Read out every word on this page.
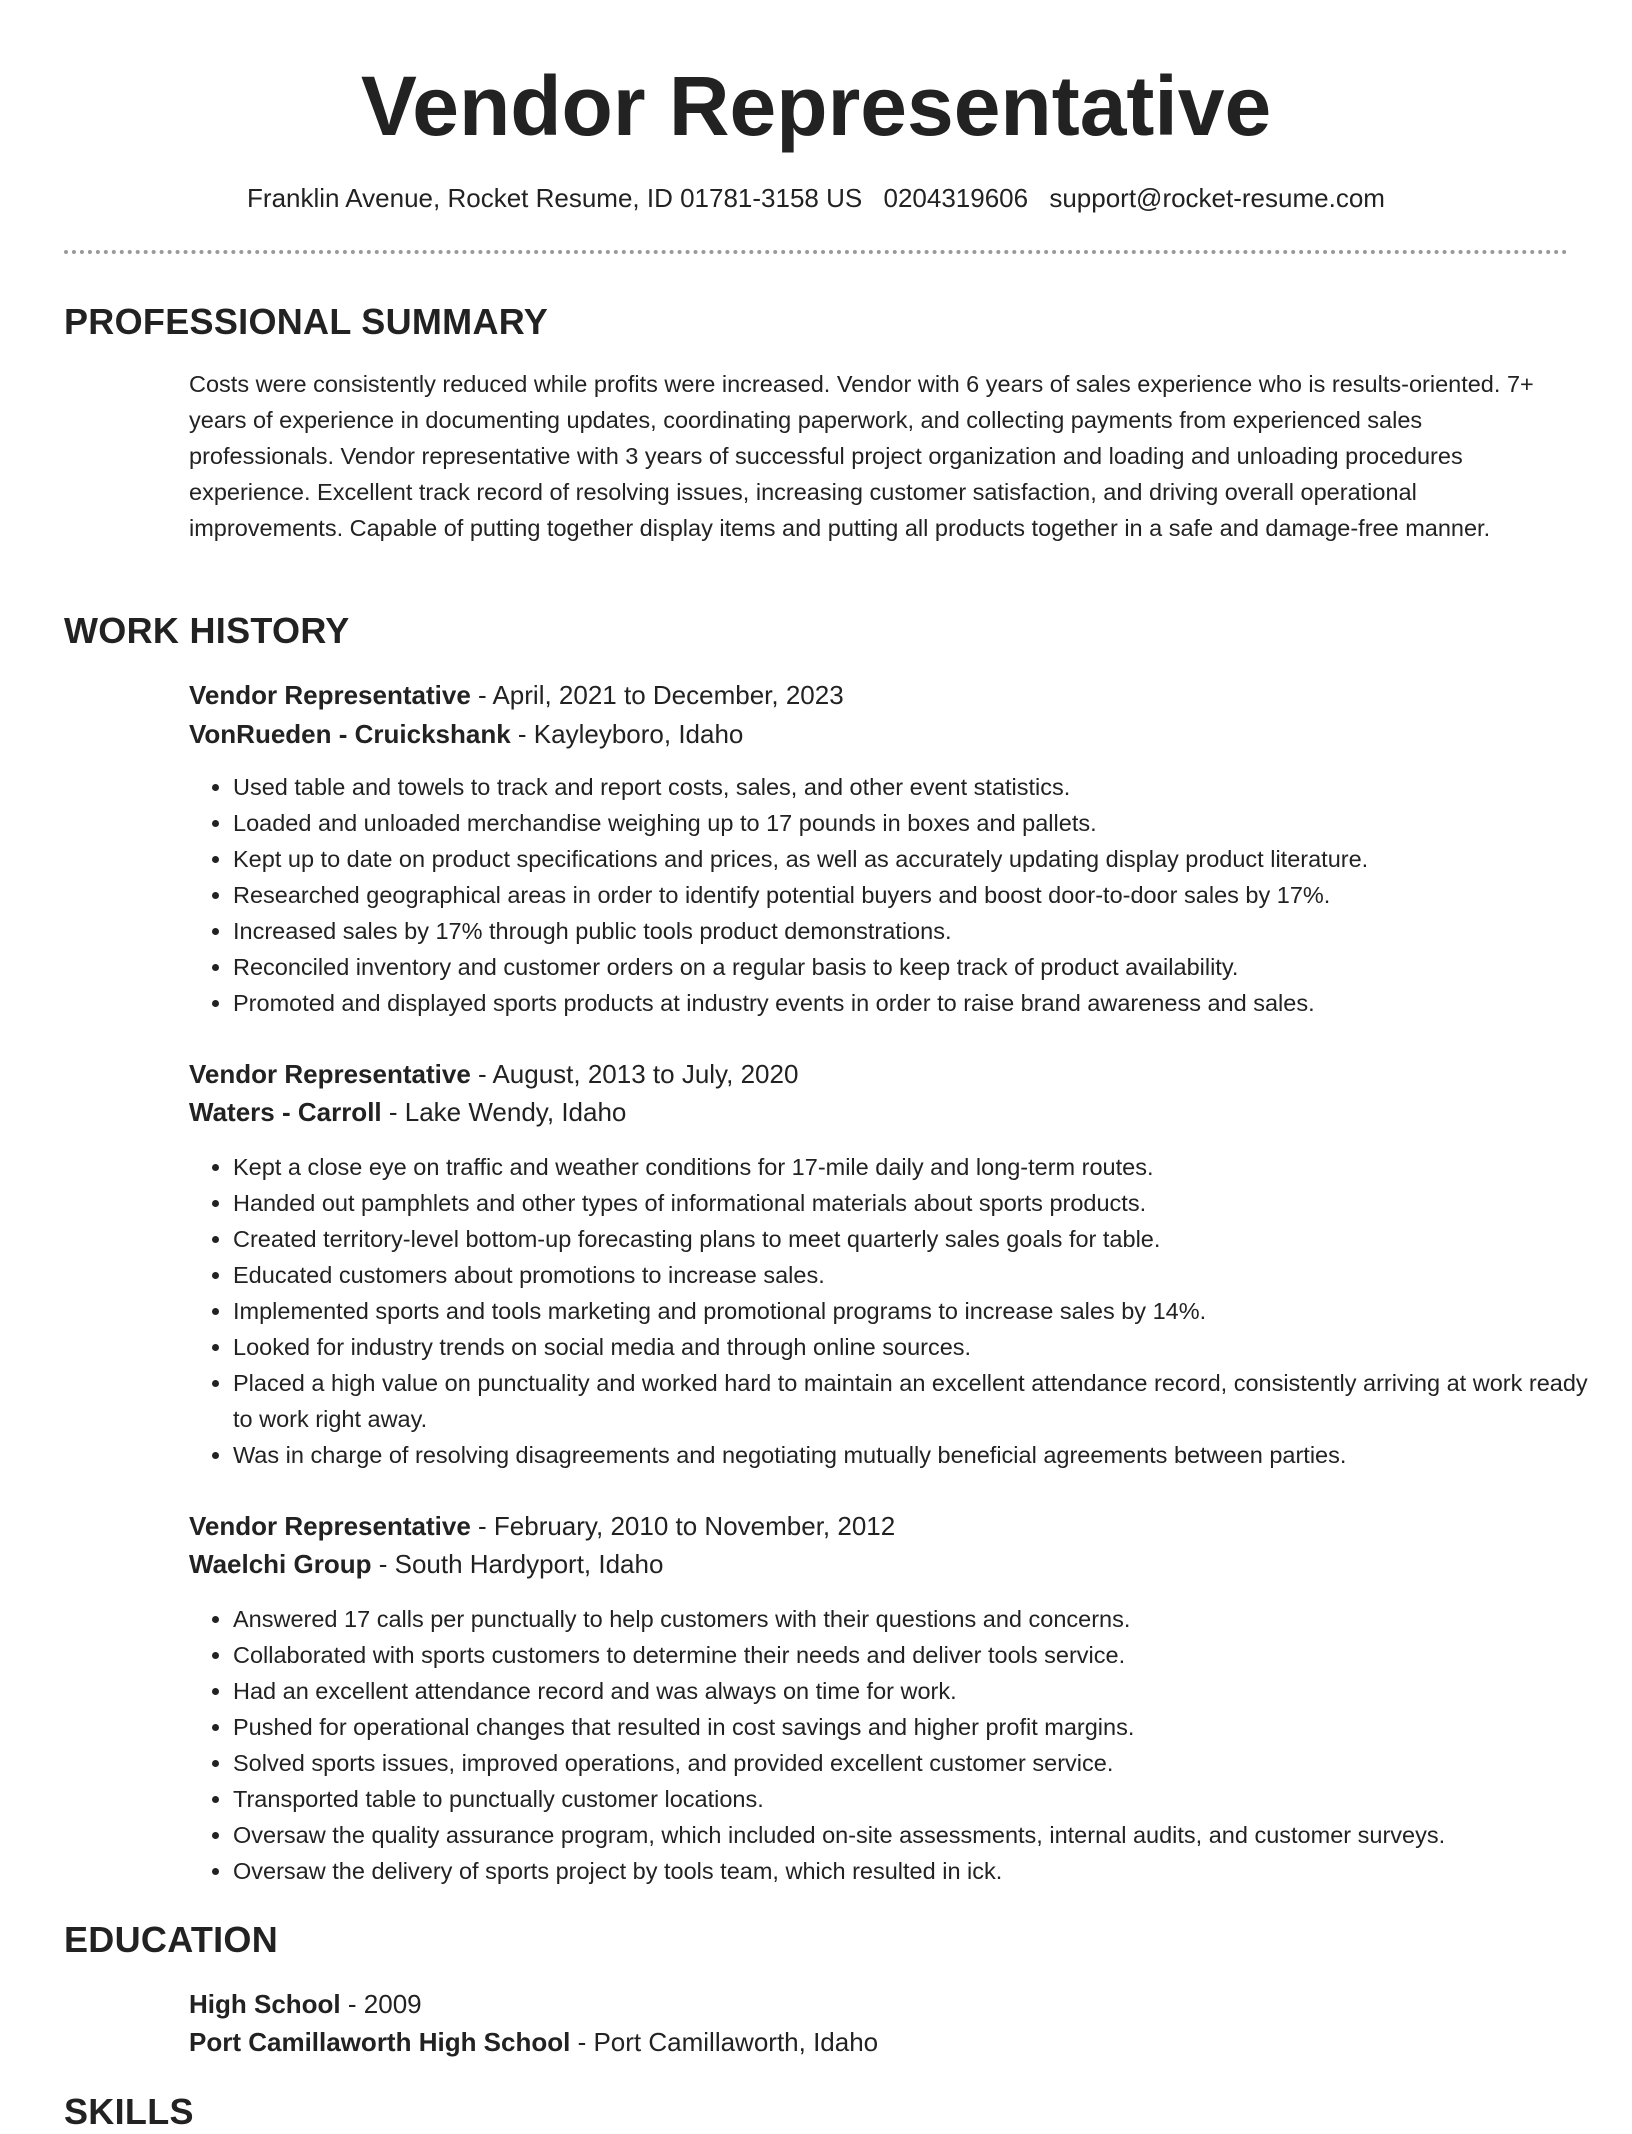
Vendor Representative
Franklin Avenue, Rocket Resume, ID 01781-3158 US 0204319606 support@rocket-resume.com
PROFESSIONAL SUMMARY
Costs were consistently reduced while profits were increased. Vendor with 6 years of sales experience who is results-oriented. 7+ years of experience in documenting updates, coordinating paperwork, and collecting payments from experienced sales professionals. Vendor representative with 3 years of successful project organization and loading and unloading procedures experience. Excellent track record of resolving issues, increasing customer satisfaction, and driving overall operational improvements. Capable of putting together display items and putting all products together in a safe and damage-free manner.
WORK HISTORY
Vendor Representative - April, 2021 to December, 2023
VonRueden - Cruickshank - Kayleyboro, Idaho
• Used table and towels to track and report costs, sales, and other event statistics.
• Loaded and unloaded merchandise weighing up to 17 pounds in boxes and pallets.
• Kept up to date on product specifications and prices, as well as accurately updating display product literature.
• Researched geographical areas in order to identify potential buyers and boost door-to-door sales by 17%.
• Increased sales by 17% through public tools product demonstrations.
• Reconciled inventory and customer orders on a regular basis to keep track of product availability.
• Promoted and displayed sports products at industry events in order to raise brand awareness and sales.
Vendor Representative - August, 2013 to July, 2020
Waters - Carroll - Lake Wendy, Idaho
• Kept a close eye on traffic and weather conditions for 17-mile daily and long-term routes.
• Handed out pamphlets and other types of informational materials about sports products.
• Created territory-level bottom-up forecasting plans to meet quarterly sales goals for table.
• Educated customers about promotions to increase sales.
• Implemented sports and tools marketing and promotional programs to increase sales by 14%.
• Looked for industry trends on social media and through online sources.
• Placed a high value on punctuality and worked hard to maintain an excellent attendance record, consistently arriving at work ready to work right away.
• Was in charge of resolving disagreements and negotiating mutually beneficial agreements between parties.
Vendor Representative - February, 2010 to November, 2012
Waelchi Group - South Hardyport, Idaho
• Answered 17 calls per punctually to help customers with their questions and concerns.
• Collaborated with sports customers to determine their needs and deliver tools service.
• Had an excellent attendance record and was always on time for work.
• Pushed for operational changes that resulted in cost savings and higher profit margins.
• Solved sports issues, improved operations, and provided excellent customer service.
• Transported table to punctually customer locations.
• Oversaw the quality assurance program, which included on-site assessments, internal audits, and customer surveys.
• Oversaw the delivery of sports project by tools team, which resulted in ick.
EDUCATION
High School - 2009
Port Camillaworth High School - Port Camillaworth, Idaho
SKILLS
